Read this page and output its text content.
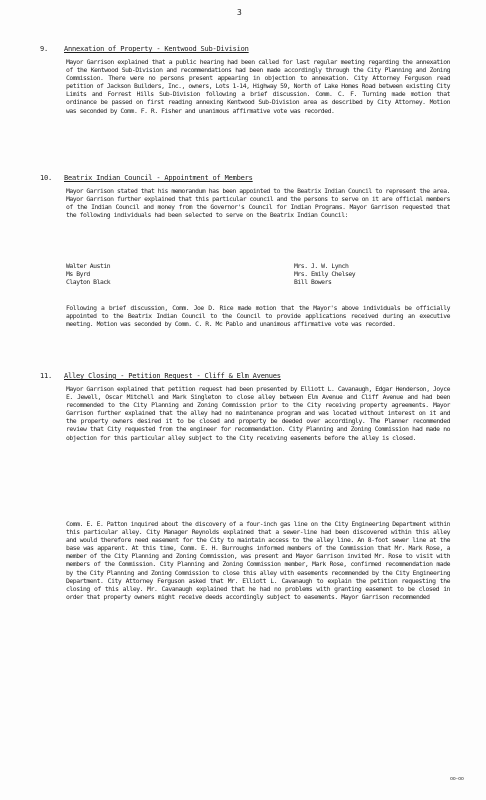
3
9. Annexation of Property - Kentwood Sub-Division

Mayor Garrison explained that a public hearing had been called for last regular meeting regarding the annexation of the Kentwood Sub-Division and recommendations had been made accordingly through the City Planning and Zoning Commission. There were no persons present appearing in objection to annexation. City Attorney Ferguson read petition of Jackson Builders, Inc., owners, Lots 1-14, Highway 59, North of Lake Homes Road between existing City Limits and Forrest Hills Sub-Division following a brief discussion. Comm. C. F. Turning made motion that ordinance be passed on first reading annexing Kentwood Sub-Division area as described by City Attorney. Motion was seconded by Comm. F. R. Fisher and unanimous affirmative vote was recorded.

10. Beatrix Indian Council - Appointment of Members

Mayor Garrison stated that his memorandum has been appointed to the Beatrix Indian Council to represent the area. Mayor Garrison further explained that this particular council and the persons to serve on it are official members of the Indian Council and money from the Governor's Council for Indian Programs. Mayor Garrison requested that the following individuals had been selected to serve on the Beatrix Indian Council:

Walter Austin
Ms Byrd
Clayton Black
Mrs. J. W. Lynch
Mrs. Emily Chelsey
Bill Bowers

Following a brief discussion, Comm. Joe D. Rice made motion that the Mayor's above individuals be officially appointed to the Beatrix Indian Council to the Council to provide applications received during an executive meeting. Motion was seconded by Comm. C. R. Mc Pablo and unanimous affirmative vote was recorded.

11. Alley Closing - Petition Request - Cliff & Elm Avenues

Mayor Garrison explained that petition request had been presented by Elliott L. Cavanaugh, Edgar Henderson, Joyce E. Jewell, Oscar Mitchell and Mark Singleton to close alley between Elm Avenue and Cliff Avenue and had been recommended to the City Planning and Zoning Commission prior to the City receiving property agreements. Mayor Garrison further explained that the alley had no maintenance program and was located without interest on it and the property owners desired it to be closed and property be deeded over accordingly. The Planner recommended review that City requested from the engineer for recommendation. City Planning and Zoning Commission had made no objection for this particular alley subject to the City receiving easements before the alley is closed.

Comm. E. E. Patton inquired about the discovery of a four-inch gas line on the City Engineering Department within this particular alley. City Manager Reynolds explained that a sewer-line had been discovered within this alley and would therefore need easement for the City to maintain access to the alley line. An 8-foot sewer line at the base was apparent. At this time, Comm. E. H. Burroughs informed members of the Commission that Mr. Mark Rose, a member of the City Planning and Zoning Commission, was present and Mayor Garrison invited Mr. Rose to visit with members of the Commission. City Planning and Zoning Commission member, Mark Rose, confirmed recommendation made by the City Planning and Zoning Commission to close this alley with easements recommended by the City Engineering Department. City Attorney Ferguson asked that Mr. Elliott L. Cavanaugh to explain the petition requesting the closing of this alley. Mr. Cavanaugh explained that he had no problems with granting easement to be closed in order that property owners might receive deeds accordingly subject to easements. Mayor Garrison recommended

oo-oo
